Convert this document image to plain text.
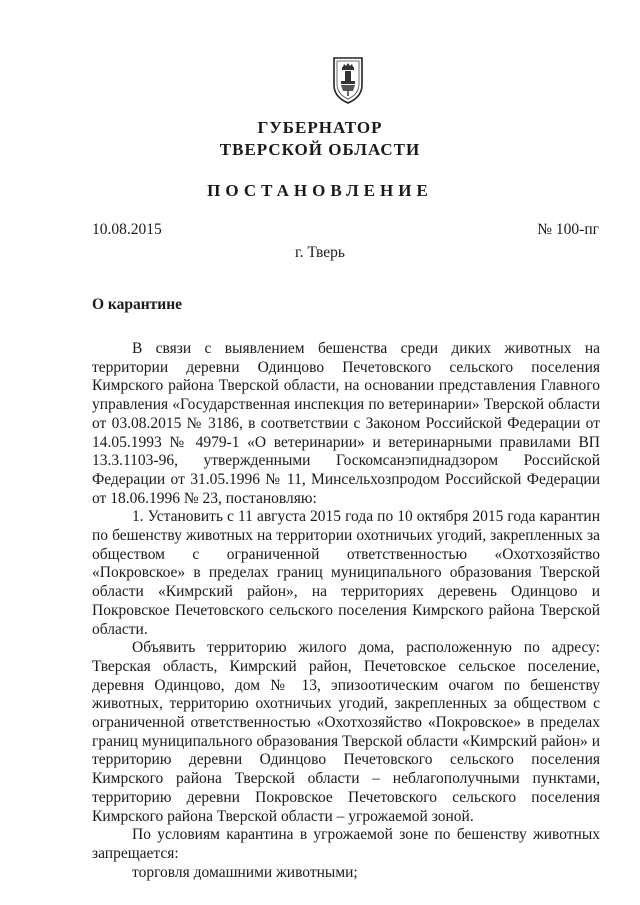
ГУБЕРНАТОР
ТВЕРСКОЙ ОБЛАСТИ
ПОСТАНОВЛЕНИЕ
10.08.2015	№ 100-пг
г. Тверь
О карантине

В связи с выявлением бешенства среди диких животных на территории деревни Одинцово Печетовского сельского поселения Кимрского района Тверской области, на основании представления Главного управления «Государственная инспекция по ветеринарии» Тверской области от 03.08.2015 № 3186, в соответствии с Законом Российской Федерации от 14.05.1993 № 4979-1 «О ветеринарии» и ветеринарными правилами ВП 13.3.1103-96, утвержденными Госкомсанэпиднадзором Российской Федерации от 31.05.1996 № 11, Минсельхозпродом Российской Федерации от 18.06.1996 № 23, постановляю:

1. Установить с 11 августа 2015 года по 10 октября 2015 года карантин по бешенству животных на территории охотничьих угодий, закрепленных за обществом с ограниченной ответственностью «Охотхозяйство «Покровское» в пределах границ муниципального образования Тверской области «Кимрский район», на территориях деревень Одинцово и Покровское Печетовского сельского поселения Кимрского района Тверской области.

Объявить территорию жилого дома, расположенную по адресу: Тверская область, Кимрский район, Печетовское сельское поселение, деревня Одинцово, дом № 13, эпизоотическим очагом по бешенству животных, территорию охотничьих угодий, закрепленных за обществом с ограниченной ответственностью «Охотхозяйство «Покровское» в пределах границ муниципального образования Тверской области «Кимрский район» и территорию деревни Одинцово Печетовского сельского поселения Кимрского района Тверской области – неблагополучными пунктами, территорию деревни Покровское Печетовского сельского поселения Кимрского района Тверской области – угрожаемой зоной.

По условиям карантина в угрожаемой зоне по бешенству животных запрещается:

торговля домашними животными;
